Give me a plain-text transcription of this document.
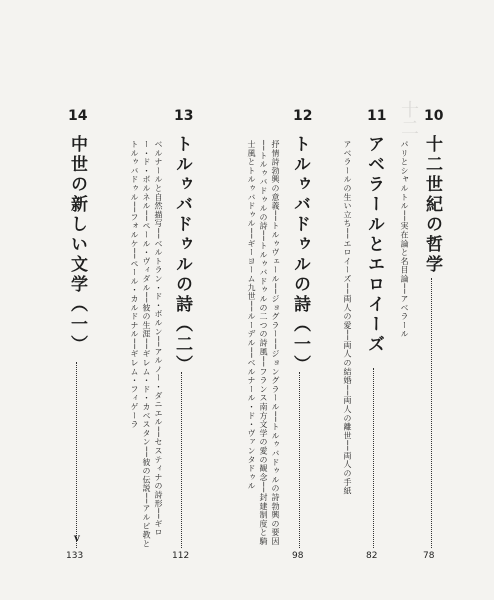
十二 10
十二世紀の哲学
78
パリとシャルトル──実在論と名目論──アベラール
11
アベラールとエロイーズ
82
アベラールの生い立ち──エロイーズ──両人の愛──両人の結婚──両人の離世──両人の手紙
12
トルゥバドゥルの詩（一）
98
抒情詩勃興の意義──トルゥヴェール──ジョグラー──ジョングラール──トルゥバドゥルの詩勃興の要因──トルゥバドゥルの詩──トルゥバドゥルの二つの詩風──フランス南方文学の愛の観念──封建制度と騎士風とトルゥバドゥル──ギーヨーム九世──ルーデル──ベルナール・ド・ヴァンタドゥル
13
トルゥバドゥルの詩（二）
112
ベルナールと自然描写──ベルトラン・ド・ボルン──アルノー・ダニエル──セスティナの詩形──ギロー・ド・ボルネル──ペール・ヴィダル──彼の生涯──ギレム・ド・カベスタン──彼の伝説──アルビ教とトルゥバドゥル──フォルケ──ペール・カルドナル──ギレム・フィゲーラ
14
中世の新しい文学（一）
133
v
